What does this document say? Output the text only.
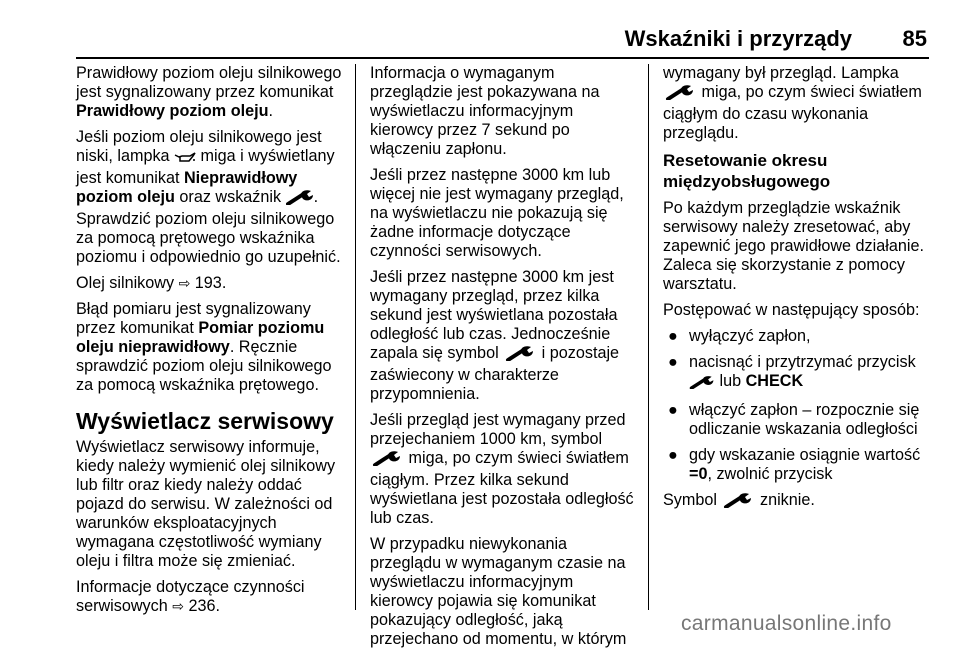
Wskaźniki i przyrządy 85

Prawidłowy poziom oleju silnikowego jest sygnalizowany przez komunikat Prawidłowy poziom oleju.

Jeśli poziom oleju silnikowego jest niski, lampka  miga i wyświetlany jest komunikat Nieprawidłowy poziom oleju oraz wskaźnik . Sprawdzić poziom oleju silnikowego za pomocą prętowego wskaźnika poziomu i odpowiednio go uzupełnić.

Olej silnikowy ⇨ 193.

Błąd pomiaru jest sygnalizowany przez komunikat Pomiar poziomu oleju nieprawidłowy. Ręcznie sprawdzić poziom oleju silnikowego za pomocą wskaźnika prętowego.

Wyświetlacz serwisowy

Wyświetlacz serwisowy informuje, kiedy należy wymienić olej silnikowy lub filtr oraz kiedy należy oddać pojazd do serwisu. W zależności od warunków eksploatacyjnych wymagana częstotliwość wymiany oleju i filtra może się zmieniać.

Informacje dotyczące czynności serwisowych ⇨ 236.

Informacja o wymaganym przeglądzie jest pokazywana na wyświetlaczu informacyjnym kierowcy przez 7 sekund po włączeniu zapłonu.

Jeśli przez następne 3000 km lub więcej nie jest wymagany przegląd, na wyświetlaczu nie pokazują się żadne informacje dotyczące czynności serwisowych.

Jeśli przez następne 3000 km jest wymagany przegląd, przez kilka sekund jest wyświetlana pozostała odległość lub czas. Jednocześnie zapala się symbol  i pozostaje zaświecony w charakterze przypomnienia.

Jeśli przegląd jest wymagany przed przejechaniem 1000 km, symbol  miga, po czym świeci światłem ciągłym. Przez kilka sekund wyświetlana jest pozostała odległość lub czas.

W przypadku niewykonania przeglądu w wymaganym czasie na wyświetlaczu informacyjnym kierowcy pojawia się komunikat pokazujący odległość, jaką przejechano od momentu, w którym

wymagany był przegląd. Lampka
miga, po czym świeci światłem ciągłym do czasu wykonania przeglądu.

Resetowanie okresu międzyobsługowego

Po każdym przeglądzie wskaźnik serwisowy należy zresetować, aby zapewnić jego prawidłowe działanie. Zaleca się skorzystanie z pomocy warsztatu.

Postępować w następujący sposób:

● wyłączyć zapłon,
● nacisnąć i przytrzymać przycisk  lub CHECK
● włączyć zapłon – rozpocznie się odliczanie wskazania odległości
● gdy wskazanie osiągnie wartość =0, zwolnić przycisk

Symbol  zniknie.

carmanualsonline.info
